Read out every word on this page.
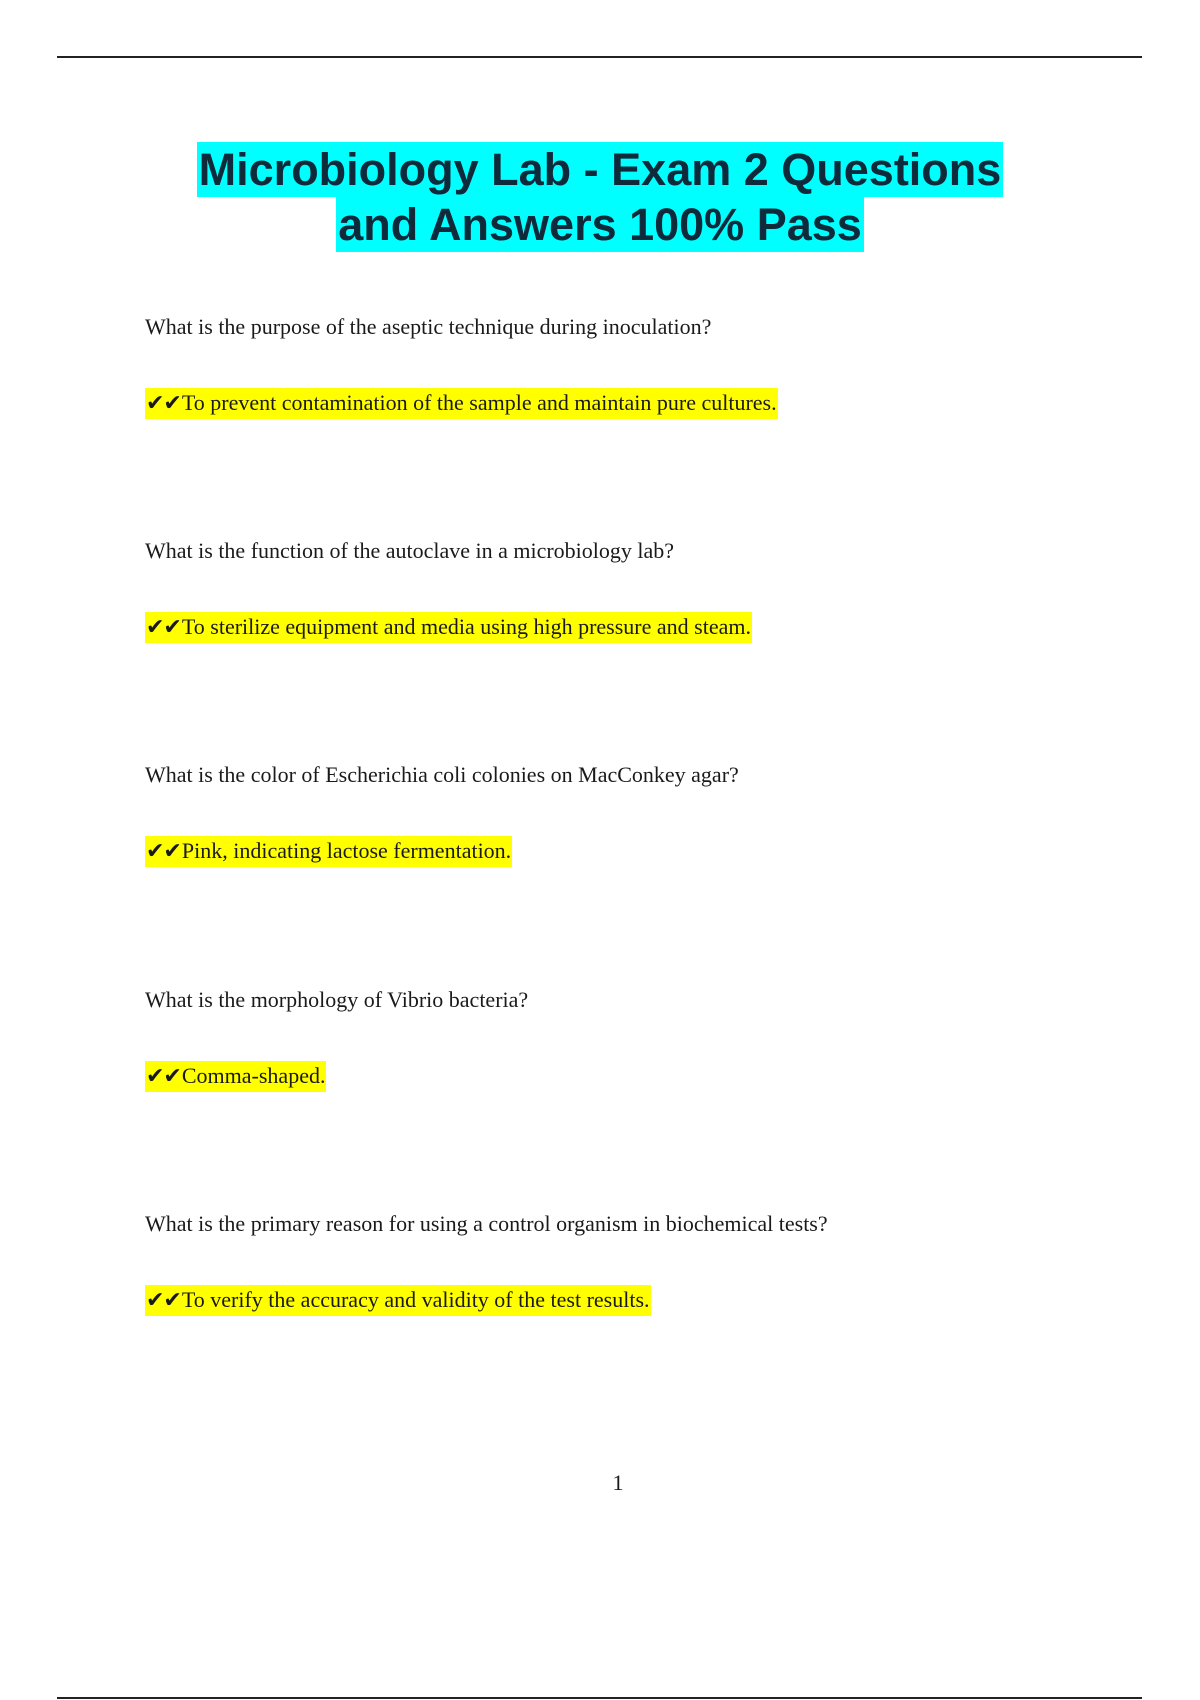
Microbiology Lab - Exam 2 Questions
and Answers 100% Pass

What is the purpose of the aseptic technique during inoculation?

✔✔To prevent contamination of the sample and maintain pure cultures.

What is the function of the autoclave in a microbiology lab?

✔✔To sterilize equipment and media using high pressure and steam.

What is the color of Escherichia coli colonies on MacConkey agar?

✔✔Pink, indicating lactose fermentation.

What is the morphology of Vibrio bacteria?

✔✔Comma-shaped.

What is the primary reason for using a control organism in biochemical tests?

✔✔To verify the accuracy and validity of the test results.
1
